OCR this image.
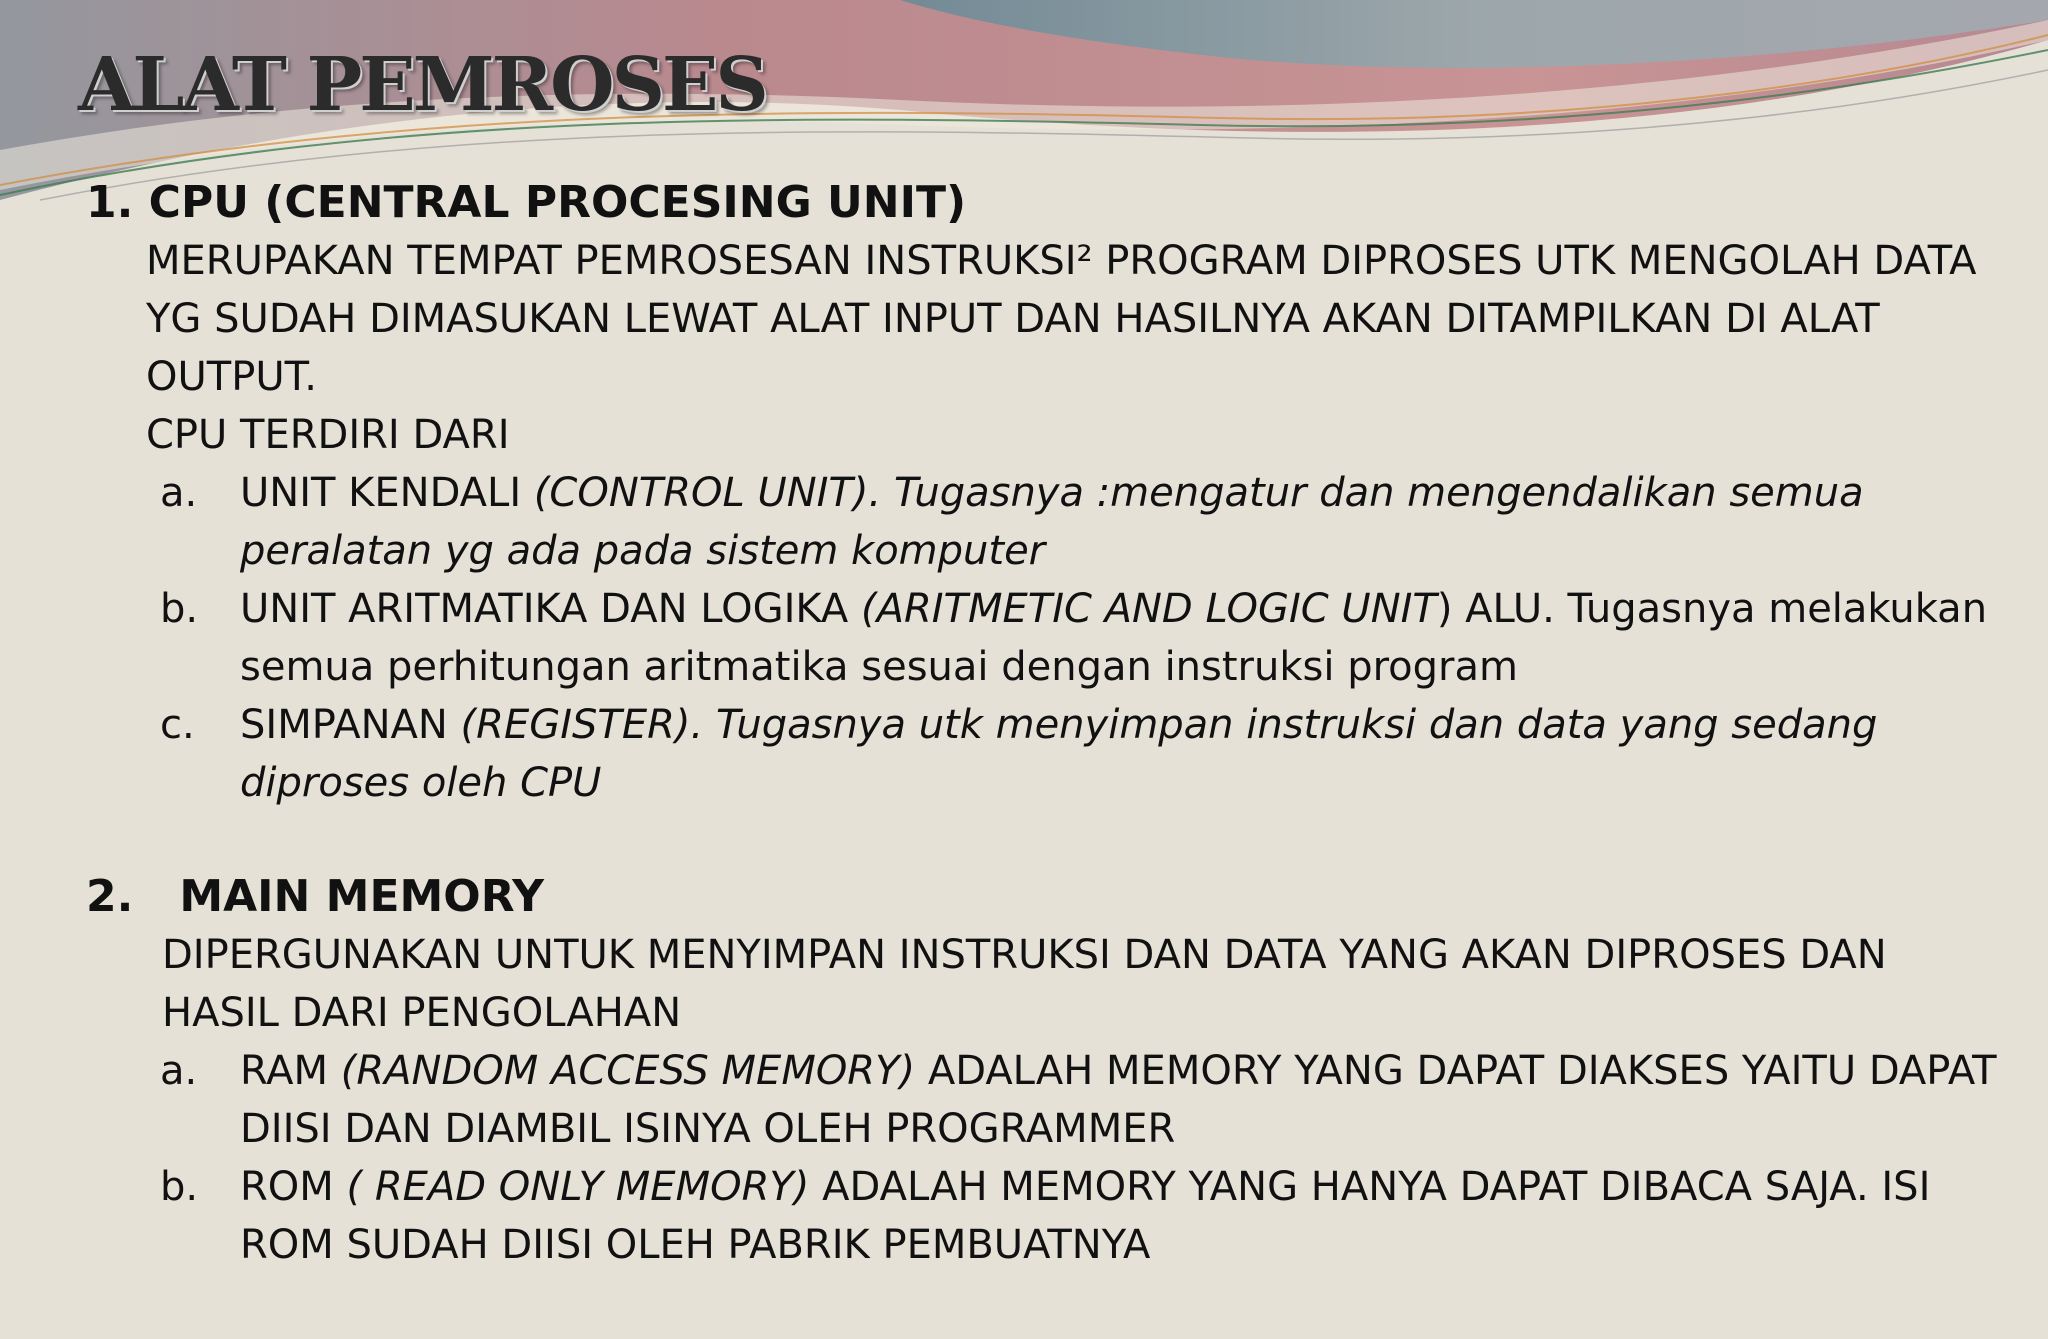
ALAT PEMROSES
1. CPU (CENTRAL PROCESING UNIT)
MERUPAKAN TEMPAT PEMROSESAN INSTRUKSI² PROGRAM DIPROSES UTK MENGOLAH DATA YG SUDAH DIMASUKAN LEWAT ALAT INPUT DAN HASILNYA AKAN DITAMPILKAN DI ALAT OUTPUT.
CPU TERDIRI DARI
a. UNIT KENDALI (CONTROL UNIT). Tugasnya :mengatur dan mengendalikan semua peralatan yg ada pada sistem komputer
b. UNIT ARITMATIKA DAN LOGIKA (ARITMETIC AND LOGIC UNIT) ALU. Tugasnya melakukan semua perhitungan aritmatika sesuai dengan instruksi program
c. SIMPANAN (REGISTER). Tugasnya utk menyimpan instruksi dan data yang sedang diproses oleh CPU
2. MAIN MEMORY
DIPERGUNAKAN UNTUK MENYIMPAN INSTRUKSI DAN DATA YANG AKAN DIPROSES DAN HASIL DARI PENGOLAHAN
a. RAM (RANDOM ACCESS MEMORY) ADALAH MEMORY YANG DAPAT DIAKSES YAITU DAPAT DIISI DAN DIAMBIL ISINYA OLEH PROGRAMMER
b. ROM ( READ ONLY MEMORY) ADALAH MEMORY YANG HANYA DAPAT DIBACA SAJA. ISI ROM SUDAH DIISI OLEH PABRIK PEMBUATNYA
